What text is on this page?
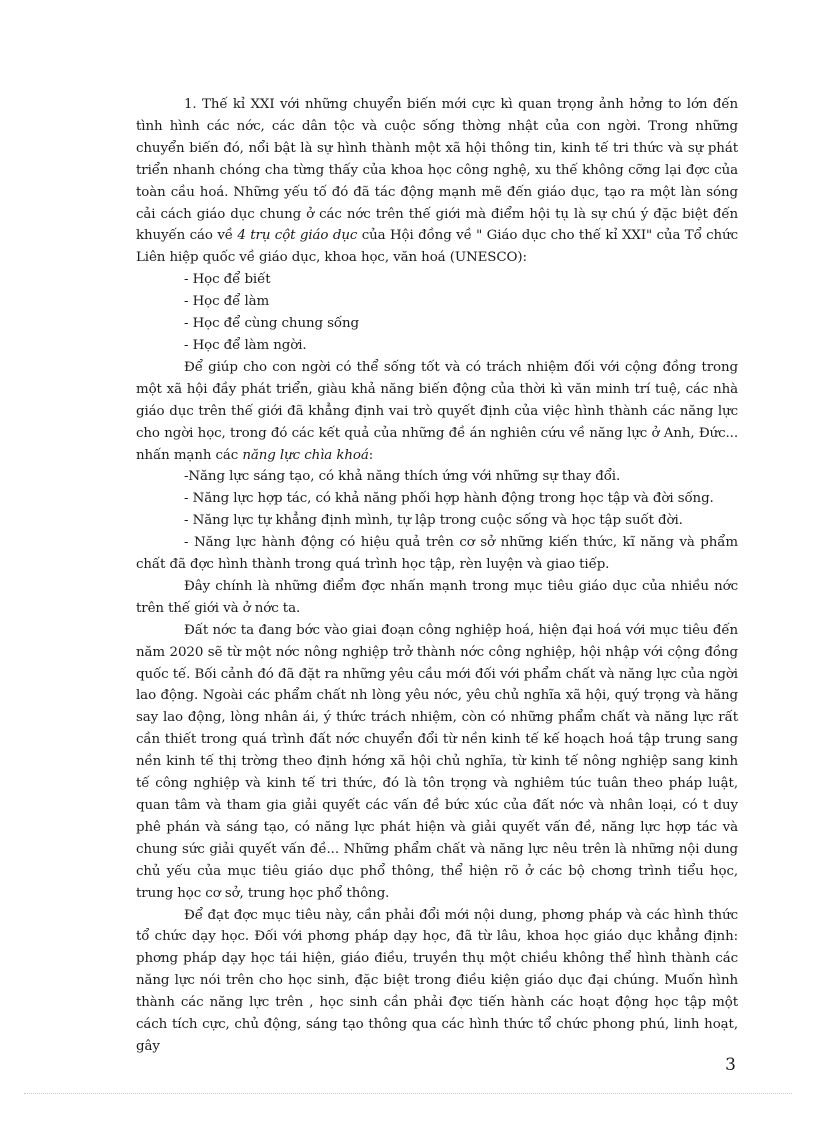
1. Thế kỉ XXI với những chuyển biến mới cực kì quan trọng ảnh hởng to lớn đến tình hình các nớc, các dân tộc và cuộc sống thờng nhật của con ngời. Trong những chuyển biến đó, nổi bật là sự hình thành một xã hội thông tin, kinh tế tri thức và sự phát triển nhanh chóng cha từng thấy của khoa học công nghệ, xu thế không cỡng lại đợc của toàn cầu hoá. Những yếu tố đó đã tác động mạnh mẽ đến giáo dục, tạo ra một làn sóng cải cách giáo dục chung ở các nớc trên thế giới mà điểm hội tụ là sự chú ý đặc biệt đến khuyến cáo về 4 trụ cột giáo dục của Hội đồng về " Giáo dục cho thế kỉ XXI" của Tổ chức Liên hiệp quốc về giáo dục, khoa học, văn hoá (UNESCO):

- Học để biết

- Học để làm

- Học để cùng chung sống

- Học để làm ngời.

Để giúp cho con ngời có thể sống tốt và có trách nhiệm đối với cộng đồng trong một xã hội đầy phát triển, giàu khả năng biến động của thời kì văn minh trí tuệ, các nhà giáo dục trên thế giới đã khẳng định vai trò quyết định của việc hình thành các năng lực cho ngời học, trong đó các kết quả của những đề án nghiên cứu về năng lực ở Anh, Đức... nhấn mạnh các năng lực chìa khoá:

-Năng lực sáng tạo, có khả năng thích ứng với những sự thay đổi.

- Năng lực hợp tác, có khả năng phối hợp hành động trong học tập và đời sống.

- Năng lực tự khẳng định mình, tự lập trong cuộc sống và học tập suốt đời.

- Năng lực hành động có hiệu quả trên cơ sở những kiến thức, kĩ năng và phẩm chất đã đợc hình thành trong quá trình học tập, rèn luyện và giao tiếp.

Đây chính là những điểm đợc nhấn mạnh trong mục tiêu giáo dục của nhiều nớc trên thế giới và ở nớc ta.

Đất nớc ta đang bớc vào giai đoạn công nghiệp hoá, hiện đại hoá với mục tiêu đến năm 2020 sẽ từ một nớc nông nghiệp trở thành nớc công nghiệp, hội nhập với cộng đồng quốc tế. Bối cảnh đó đã đặt ra những yêu cầu mới đối với phẩm chất và năng lực của ngời lao động. Ngoài các phẩm chất nh lòng yêu nớc, yêu chủ nghĩa xã hội, quý trọng và hăng say lao động, lòng nhân ái, ý thức trách nhiệm, còn có những phẩm chất và năng lực rất cần thiết trong quá trình đất nớc chuyển đổi từ nền kinh tế kế hoạch hoá tập trung sang nền kinh tế thị trờng theo định hớng xã hội chủ nghĩa, từ kinh tế nông nghiệp sang kinh tế công nghiệp và kinh tế tri thức, đó là tôn trọng và nghiêm túc tuân theo pháp luật, quan tâm và tham gia giải quyết các vấn đề bức xúc của đất nớc và nhân loại, có t duy phê phán và sáng tạo, có năng lực phát hiện và giải quyết vấn đề, năng lực hợp tác và chung sức giải quyết vấn đề... Những phẩm chất và năng lực nêu trên là những nội dung chủ yếu của mục tiêu giáo dục phổ thông, thể hiện rõ ở các bộ chơng trình tiểu học, trung học cơ sở, trung học phổ thông.

Để đạt đợc mục tiêu này, cần phải đổi mới nội dung, phơng pháp và các hình thức tổ chức dạy học. Đối với phơng pháp dạy học, đã từ lâu, khoa học giáo dục khẳng định: phơng pháp dạy học tái hiện, giáo điều, truyền thụ một chiều không thể hình thành các năng lực nói trên cho học sinh, đặc biệt trong điều kiện giáo dục đại chúng. Muốn hình thành các năng lực trên , học sinh cần phải đợc tiến hành các hoạt động học tập một cách tích cực, chủ động, sáng tạo thông qua các hình thức tổ chức phong phú, linh hoạt, gây

3
